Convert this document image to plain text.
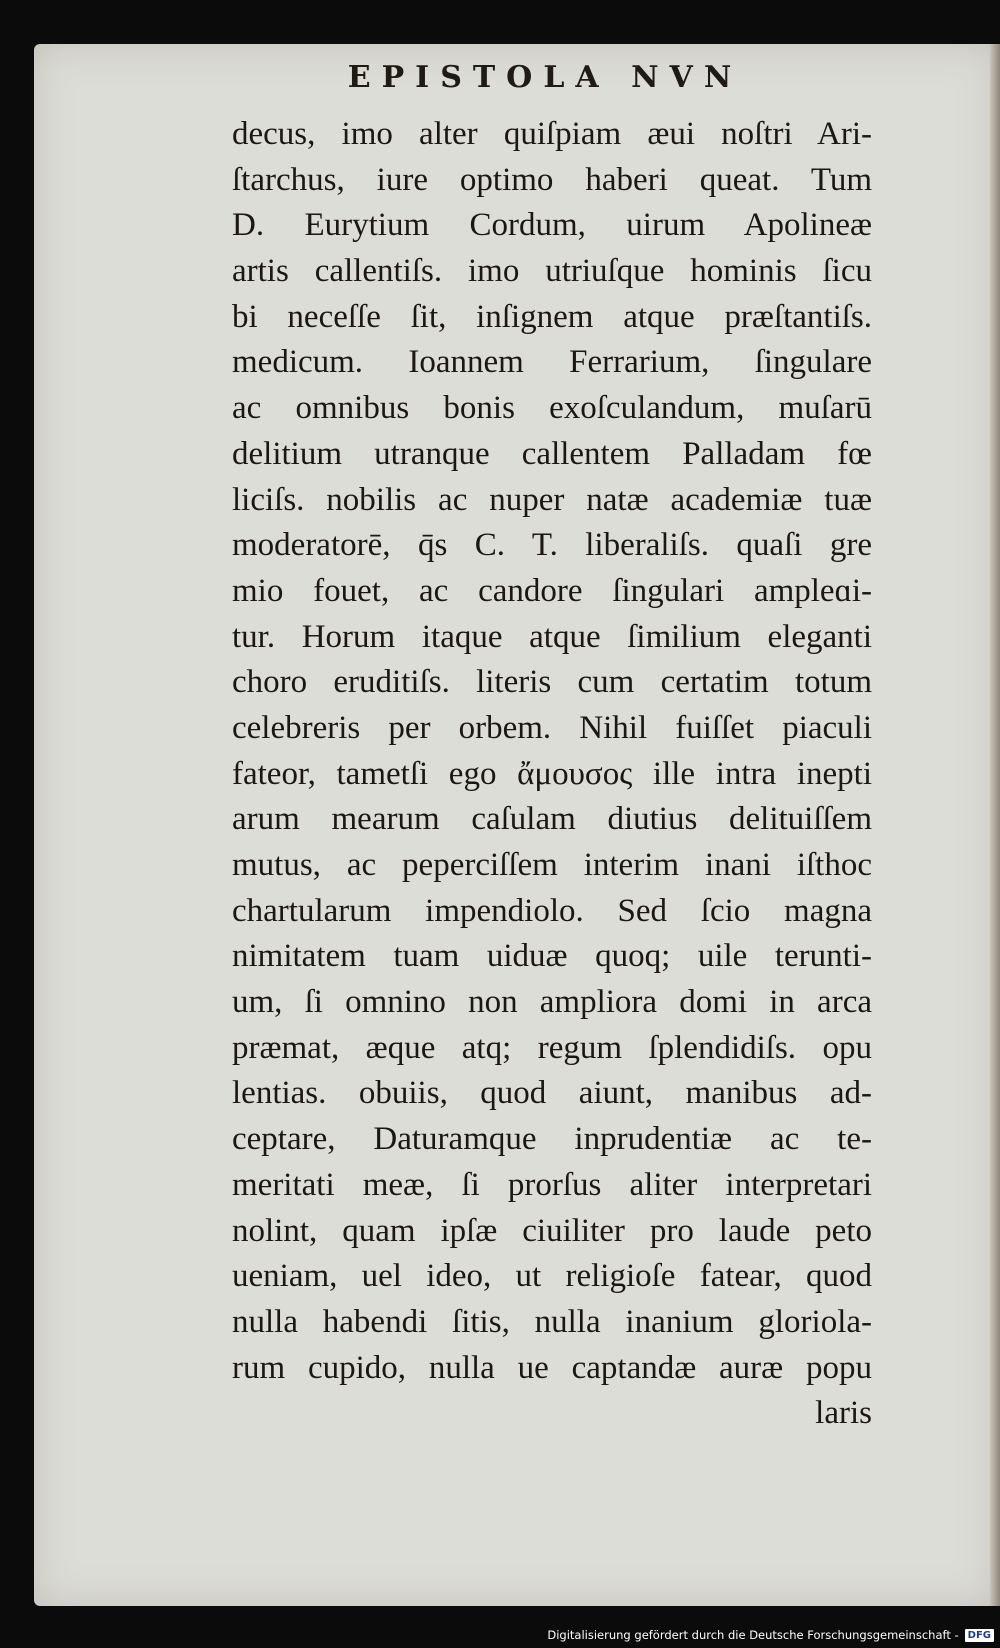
EPISTOLA NVN
decus, imo alter quiſpiam æui noſtri Ari-
ſtarchus, iure optimo haberi queat. Tum
D. Eurytium Cordum, uirum Apolineæ
artis callentiſs. imo utriuſque hominis ſicu
bi neceſſe ſit, inſignem atque præſtantiſs.
medicum. Ioannem Ferrarium, ſingulare
ac omnibus bonis exoſculandum, muſarū
delitium utranque callentem Palladam fœ
liciſs. nobilis ac nuper natæ academiæ tuæ
moderatorē, q̄s C. T. liberaliſs. quaſi gre
mio fouet, ac candore ſingulari ampleɑi-
tur. Horum itaque atque ſimilium eleganti
choro eruditiſs. literis cum certatim totum
celebreris per orbem. Nihil fuiſſet piaculi
fateor, tametſi ego ἄμουσος ille intra inepti
arum mearum caſulam diutius delituiſſem
mutus, ac peperciſſem interim inani iſthoc
chartularum impendiolo. Sed ſcio magna
nimitatem tuam uiduæ quoq; uile terunti-
um, ſi omnino non ampliora domi in arca
præmat, æque atq; regum ſplendidiſs. opu
lentias. obuiis, quod aiunt, manibus ad-
ceptare, Daturamque inprudentiæ ac te-
meritati meæ, ſi prorſus aliter interpretari
nolint, quam ipſæ ciuiliter pro laude peto
ueniam, uel ideo, ut religioſe fatear, quod
nulla habendi ſitis, nulla inanium gloriola-
rum cupido, nulla ue captandæ auræ popu
laris
Digitalisierung gefördert durch die Deutsche Forschungsgemeinschaft - DFG
